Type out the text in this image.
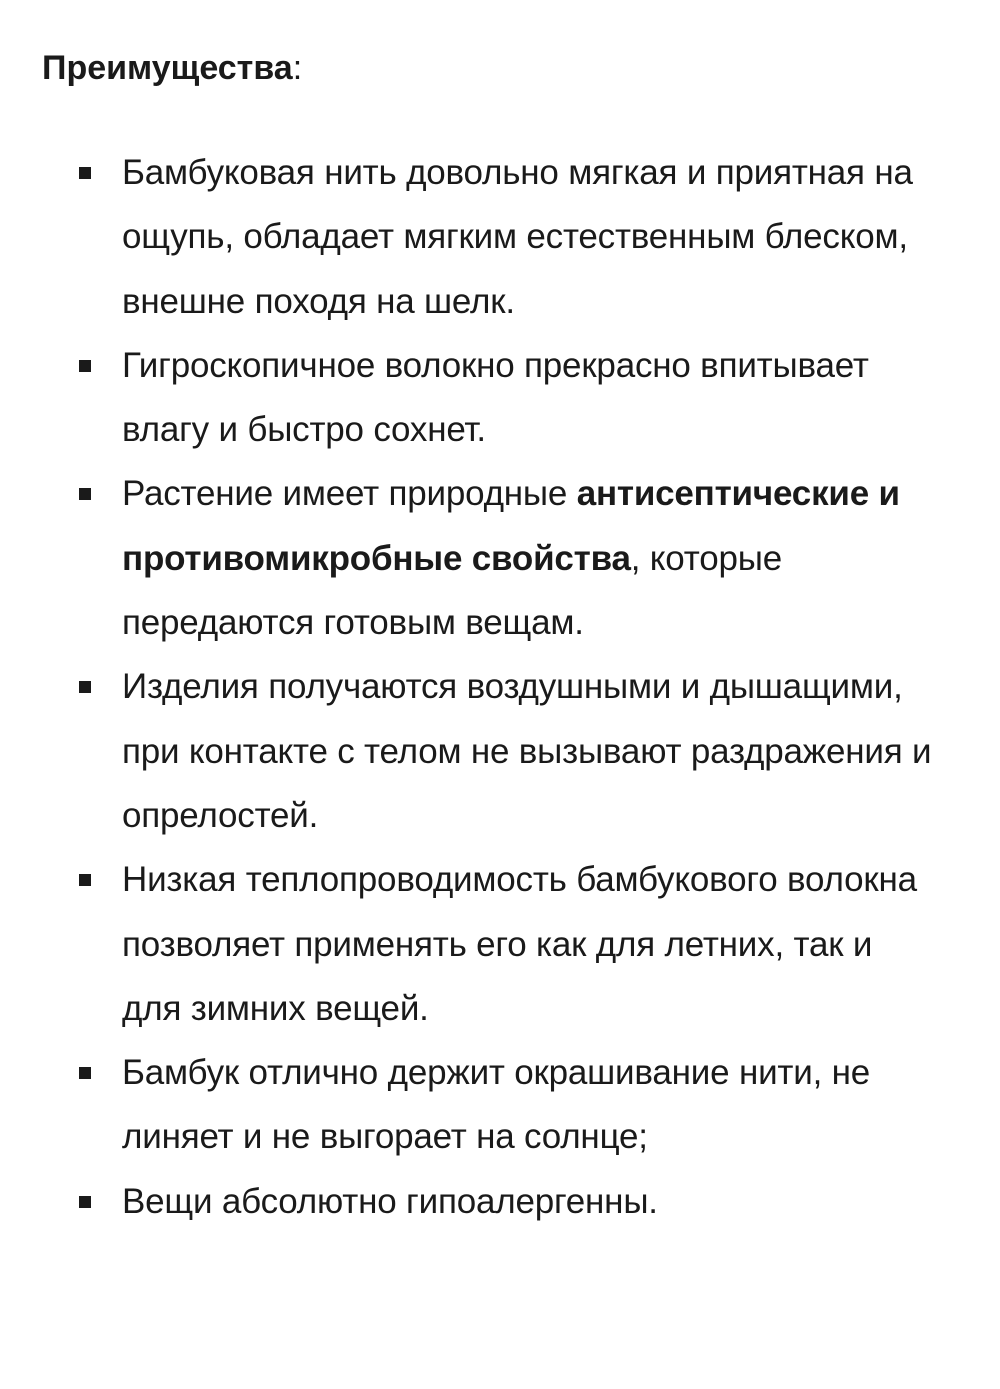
Преимущества:
Бамбуковая нить довольно мягкая и приятная на ощупь, обладает мягким естественным блеском, внешне походя на шелк.
Гигроскопичное волокно прекрасно впитывает влагу и быстро сохнет.
Растение имеет природные антисептические и противомикробные свойства, которые передаются готовым вещам.
Изделия получаются воздушными и дышащими, при контакте с телом не вызывают раздражения и опрелостей.
Низкая теплопроводимость бамбукового волокна позволяет применять его как для летних, так и для зимних вещей.
Бамбук отлично держит окрашивание нити, не линяет и не выгорает на солнце;
Вещи абсолютно гипоалергенны.
